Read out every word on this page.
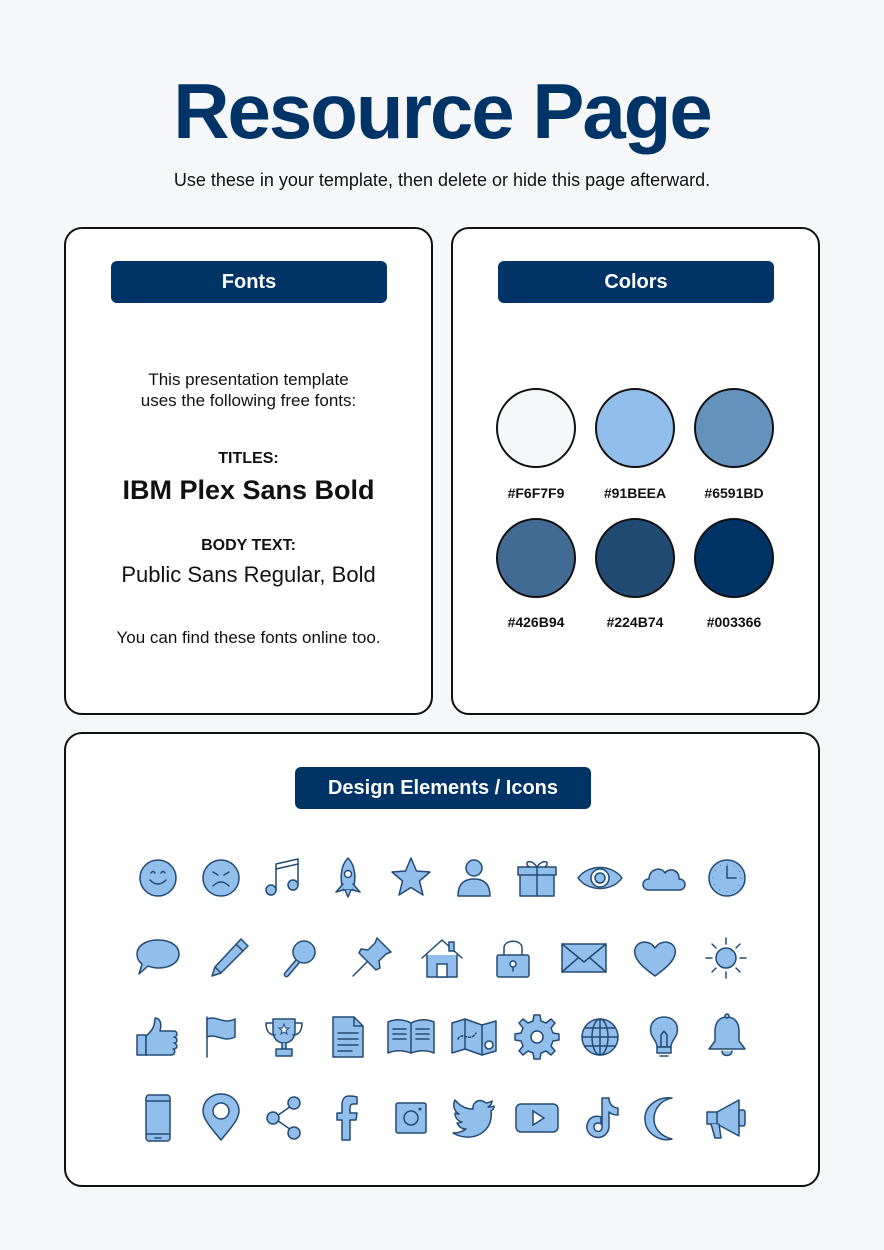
Resource Page
Use these in your template, then delete or hide this page afterward.
Fonts
This presentation template
uses the following free fonts:
TITLES:
IBM Plex Sans Bold
BODY TEXT:
Public Sans Regular, Bold
You can find these fonts online too.
Colors
#F6F7F9	#91BEEA	#6591BD
#426B94	#224B74	#003366
Design Elements / Icons
